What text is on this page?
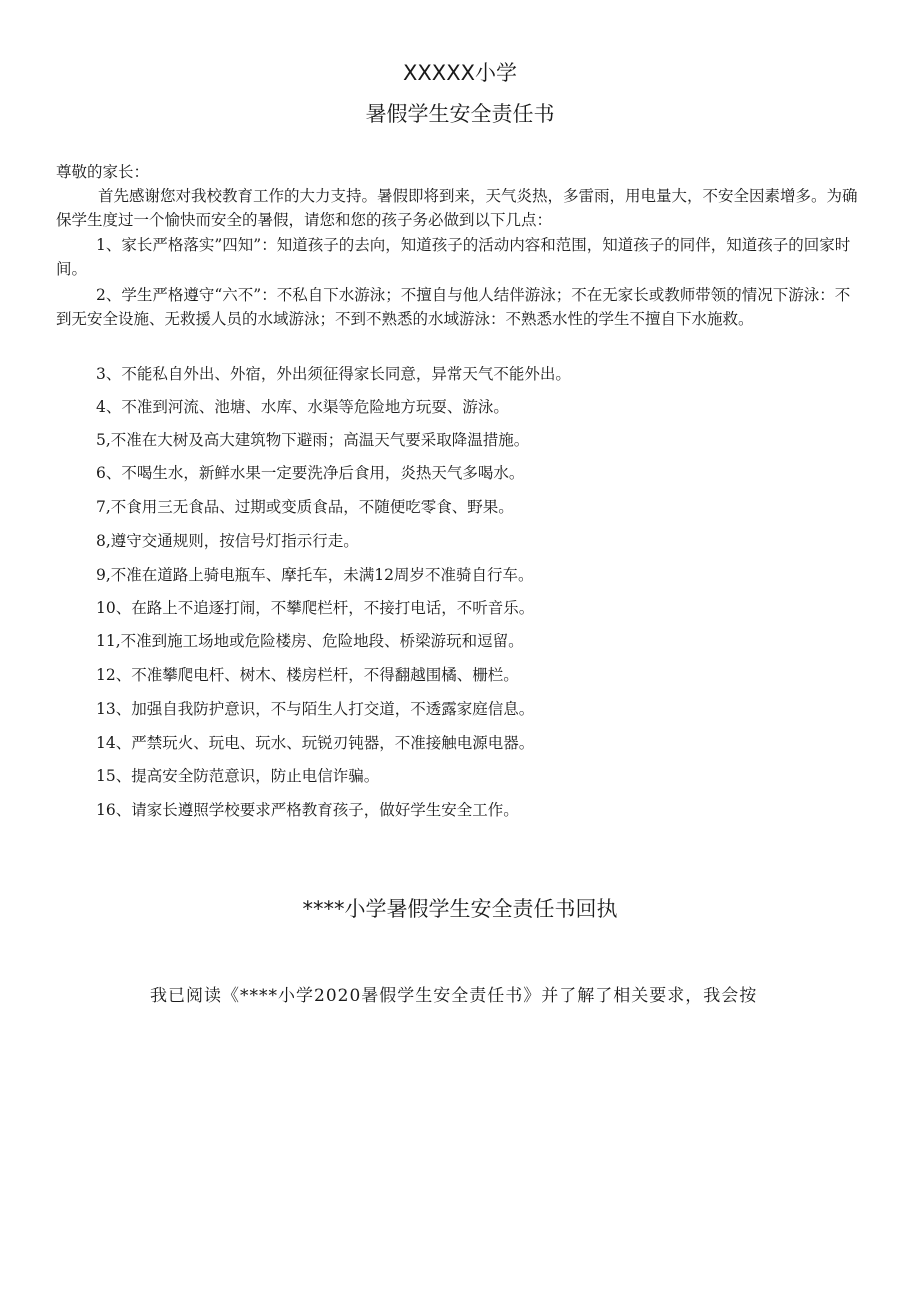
XXXXX小学
暑假学生安全责任书
尊敬的家长：
首先感谢您对我校教育工作的大力支持。暑假即将到来，天气炎热，多雷雨，用电量大，不安全因素增多。为确保学生度过一个愉快而安全的暑假，请您和您的孩子务必做到以下几点：
1、家长严格落实”四知”：知道孩子的去向，知道孩子的活动内容和范围，知道孩子的同伴，知道孩子的回家时间。
2、学生严格遵守“六不”：不私自下水游泳；不擅自与他人结伴游泳；不在无家长或教师带领的情况下游泳：不到无安全设施、无救援人员的水域游泳；不到不熟悉的水域游泳：不熟悉水性的学生不擅自下水施救。
3、不能私自外出、外宿，外出须征得家长同意，异常天气不能外出。
4、不准到河流、池塘、水库、水渠等危险地方玩耍、游泳。
5,不准在大树及高大建筑物下避雨；高温天气要采取降温措施。
6、不喝生水，新鲜水果一定要洗净后食用，炎热天气多喝水。
7,不食用三无食品、过期或变质食品，不随便吃零食、野果。
8,遵守交通规则，按信号灯指示行走。
9,不准在道路上骑电瓶车、摩托车，未满12周岁不准骑自行车。
10、在路上不追逐打闹，不攀爬栏杆，不接打电话，不听音乐。
11,不准到施工场地或危险楼房、危险地段、桥梁游玩和逗留。
12、不准攀爬电杆、树木、楼房栏杆，不得翻越围橘、栅栏。
13、加强自我防护意识，不与陌生人打交道，不透露家庭信息。
14、严禁玩火、玩电、玩水、玩锐刃钝器，不准接触电源电器。
15、提高安全防范意识，防止电信诈骗。
16、请家长遵照学校要求严格教育孩子，做好学生安全工作。
****小学暑假学生安全责任书回执
我已阅读《****小学2020暑假学生安全责任书》并了解了相关要求，我会按
